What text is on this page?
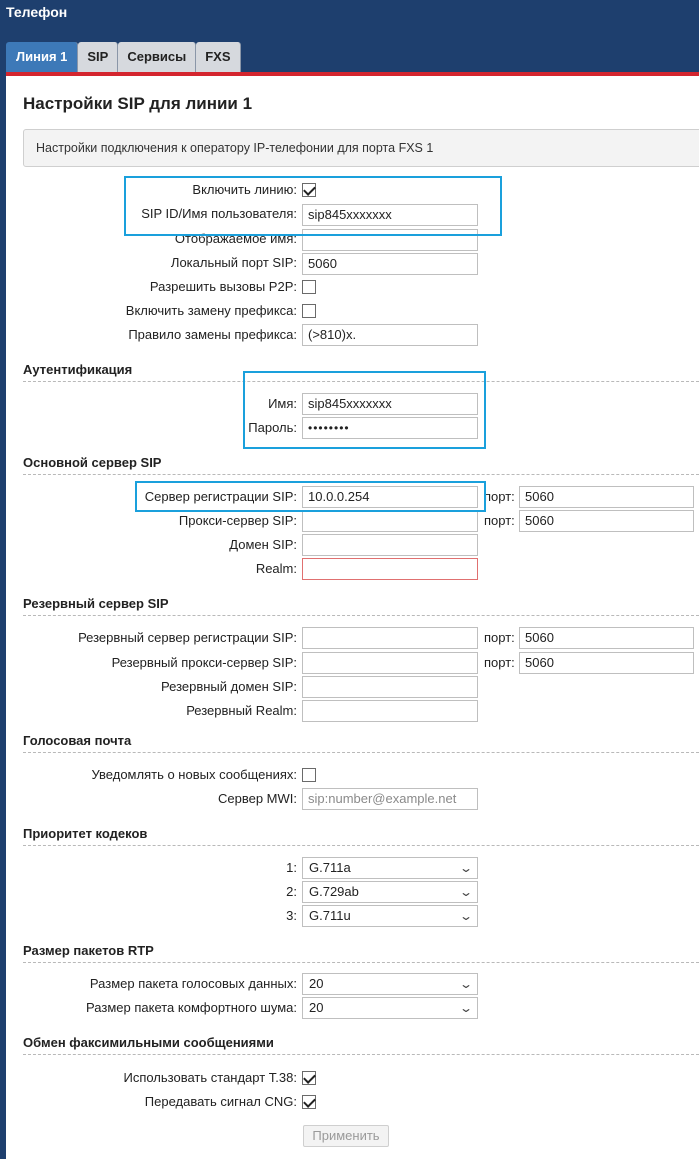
Телефон
Линия 1	SIP	Сервисы	FXS
Настройки SIP для линии 1
Настройки подключения к оператору IP-телефонии для порта FXS 1
Включить линию:
SIP ID/Имя пользователя: sip845xxxxxxx
Отображаемое имя:
Локальный порт SIP: 5060
Разрешить вызовы P2P:
Включить замену префикса:
Правило замены префикса: (>810)x.
Аутентификация
Имя: sip845xxxxxxx
Пароль: ••••••••
Основной сервер SIP
Сервер регистрации SIP: 10.0.0.254	порт: 5060
Прокси-сервер SIP:	порт: 5060
Домен SIP:
Realm:
Резервный сервер SIP
Резервный сервер регистрации SIP:	порт: 5060
Резервный прокси-сервер SIP:	порт: 5060
Резервный домен SIP:
Резервный Realm:
Голосовая почта
Уведомлять о новых сообщениях:
Сервер MWI: sip:number@example.net
Приоритет кодеков
1: G.711a	⌄
2: G.729ab	⌄
3: G.711u	⌄
Размер пакетов RTP
Размер пакета голосовых данных: 20	⌄
Размер пакета комфортного шума: 20	⌄
Обмен факсимильными сообщениями
Использовать стандарт T.38:
Передавать сигнал CNG:
Применить
